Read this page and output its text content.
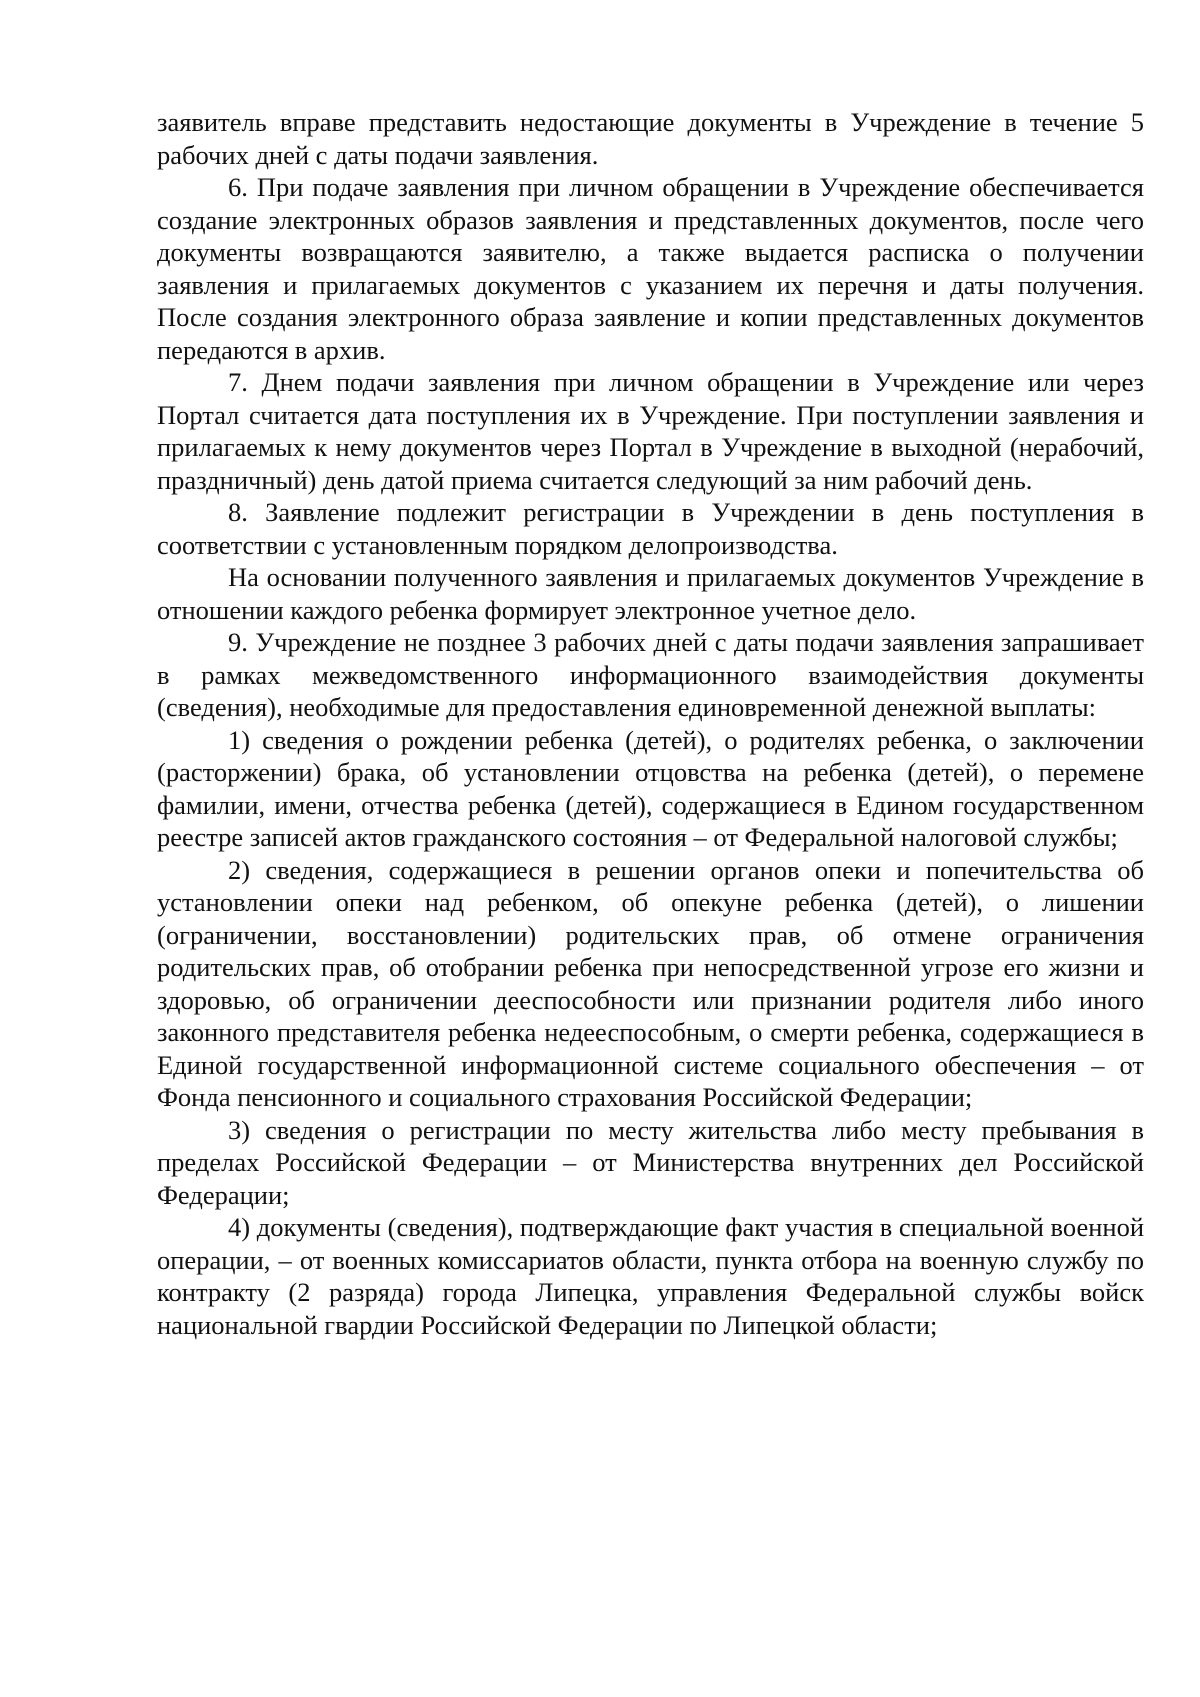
заявитель вправе представить недостающие документы в Учреждение в течение 5 рабочих дней с даты подачи заявления.

6. При подаче заявления при личном обращении в Учреждение обеспечивается создание электронных образов заявления и представленных документов, после чего документы возвращаются заявителю, а также выдается расписка о получении заявления и прилагаемых документов с указанием их перечня и даты получения. После создания электронного образа заявление и копии представленных документов передаются в архив.

7. Днем подачи заявления при личном обращении в Учреждение или через Портал считается дата поступления их в Учреждение. При поступлении заявления и прилагаемых к нему документов через Портал в Учреждение в выходной (нерабочий, праздничный) день датой приема считается следующий за ним рабочий день.

8. Заявление подлежит регистрации в Учреждении в день поступления в соответствии с установленным порядком делопроизводства.

На основании полученного заявления и прилагаемых документов Учреждение в отношении каждого ребенка формирует электронное учетное дело.

9. Учреждение не позднее 3 рабочих дней с даты подачи заявления запрашивает в рамках межведомственного информационного взаимодействия документы (сведения), необходимые для предоставления единовременной денежной выплаты:

1) сведения о рождении ребенка (детей), о родителях ребенка, о заключении (расторжении) брака, об установлении отцовства на ребенка (детей), о перемене фамилии, имени, отчества ребенка (детей), содержащиеся в Едином государственном реестре записей актов гражданского состояния – от Федеральной налоговой службы;

2) сведения, содержащиеся в решении органов опеки и попечительства об установлении опеки над ребенком, об опекуне ребенка (детей), о лишении (ограничении, восстановлении) родительских прав, об отмене ограничения родительских прав, об отобрании ребенка при непосредственной угрозе его жизни и здоровью, об ограничении дееспособности или признании родителя либо иного законного представителя ребенка недееспособным, о смерти ребенка, содержащиеся в Единой государственной информационной системе социального обеспечения – от Фонда пенсионного и социального страхования Российской Федерации;

3) сведения о регистрации по месту жительства либо месту пребывания в пределах Российской Федерации – от Министерства внутренних дел Российской Федерации;

4) документы (сведения), подтверждающие факт участия в специальной военной операции, – от военных комиссариатов области, пункта отбора на военную службу по контракту (2 разряда) города Липецка, управления Федеральной службы войск национальной гвардии Российской Федерации по Липецкой области;
